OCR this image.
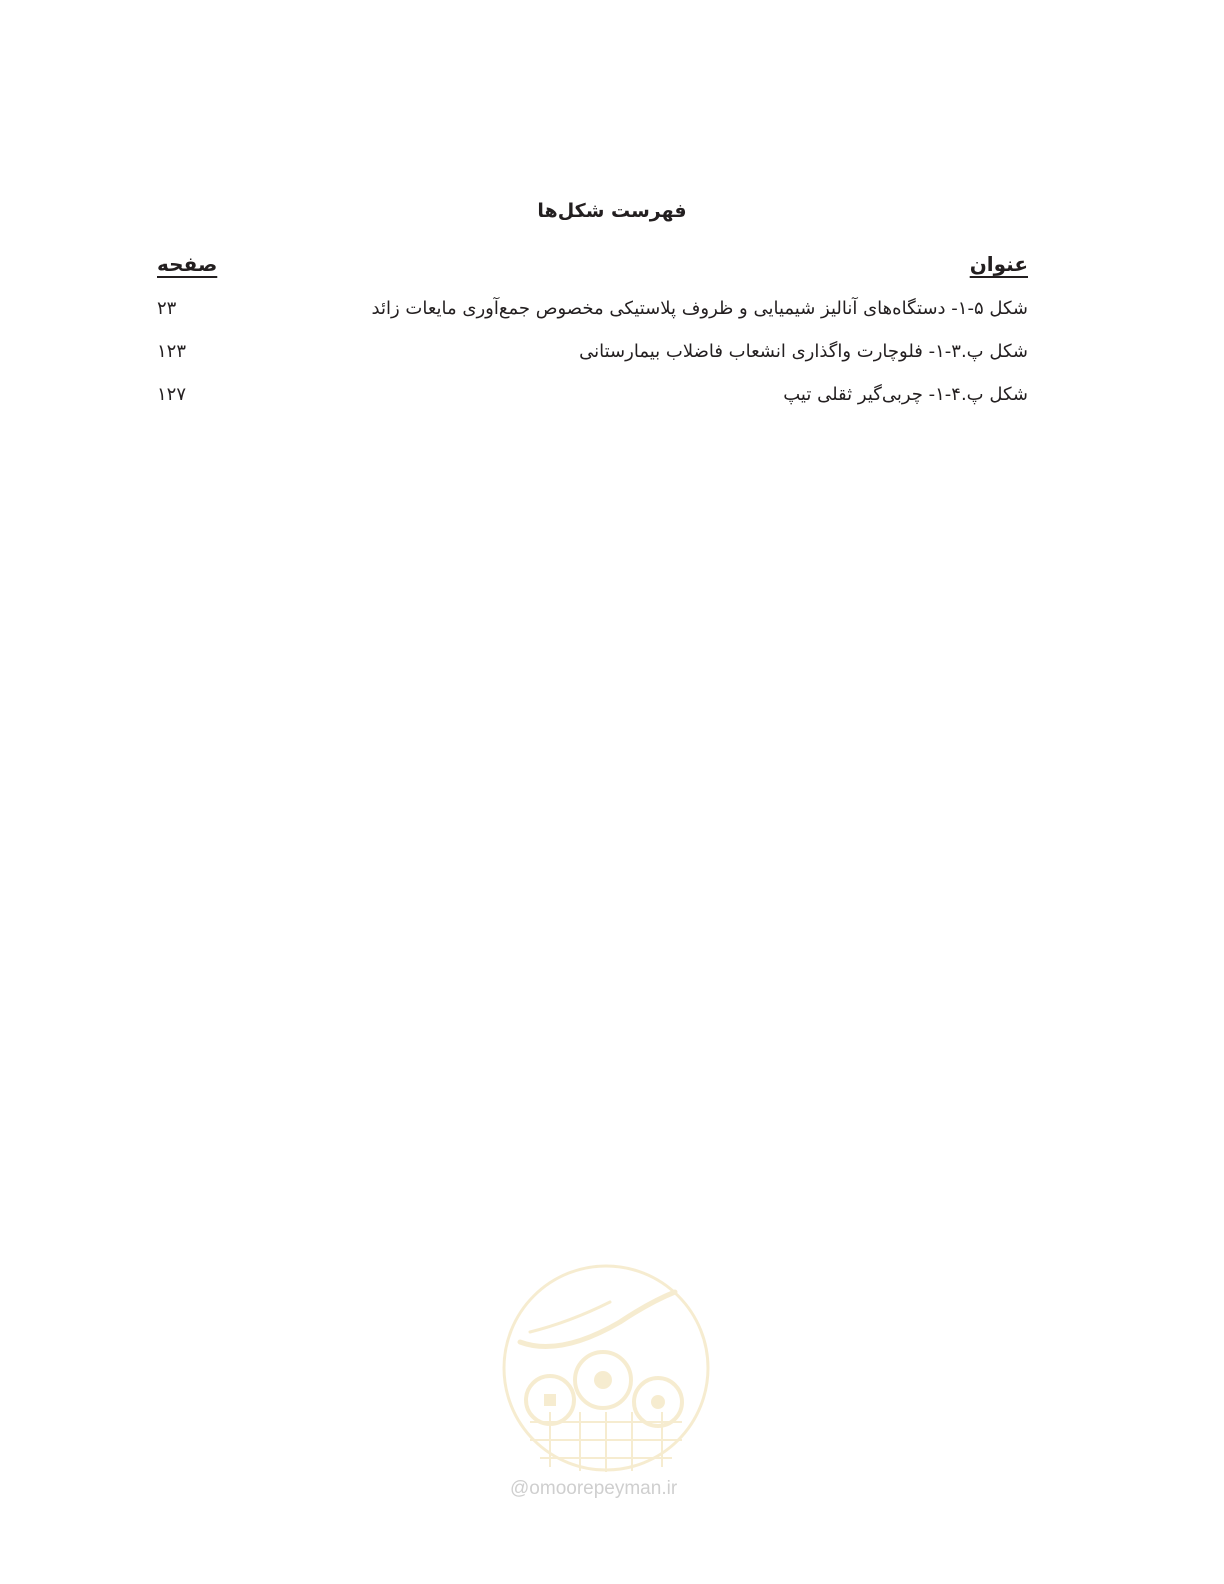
فهرست شکل‌ها
عنوان
صفحه
شکل ۵-۱- دستگاه‌های آنالیز شیمیایی و ظروف پلاستیکی مخصوص جمع‌آوری مایعات زائد
۲۳
شکل پ.۳-۱- فلوچارت واگذاری انشعاب فاضلاب بیمارستانی
۱۲۳
شکل پ.۴-۱- چربی‌گیر ثقلی تیپ
۱۲۷
@omoorepeyman.ir
